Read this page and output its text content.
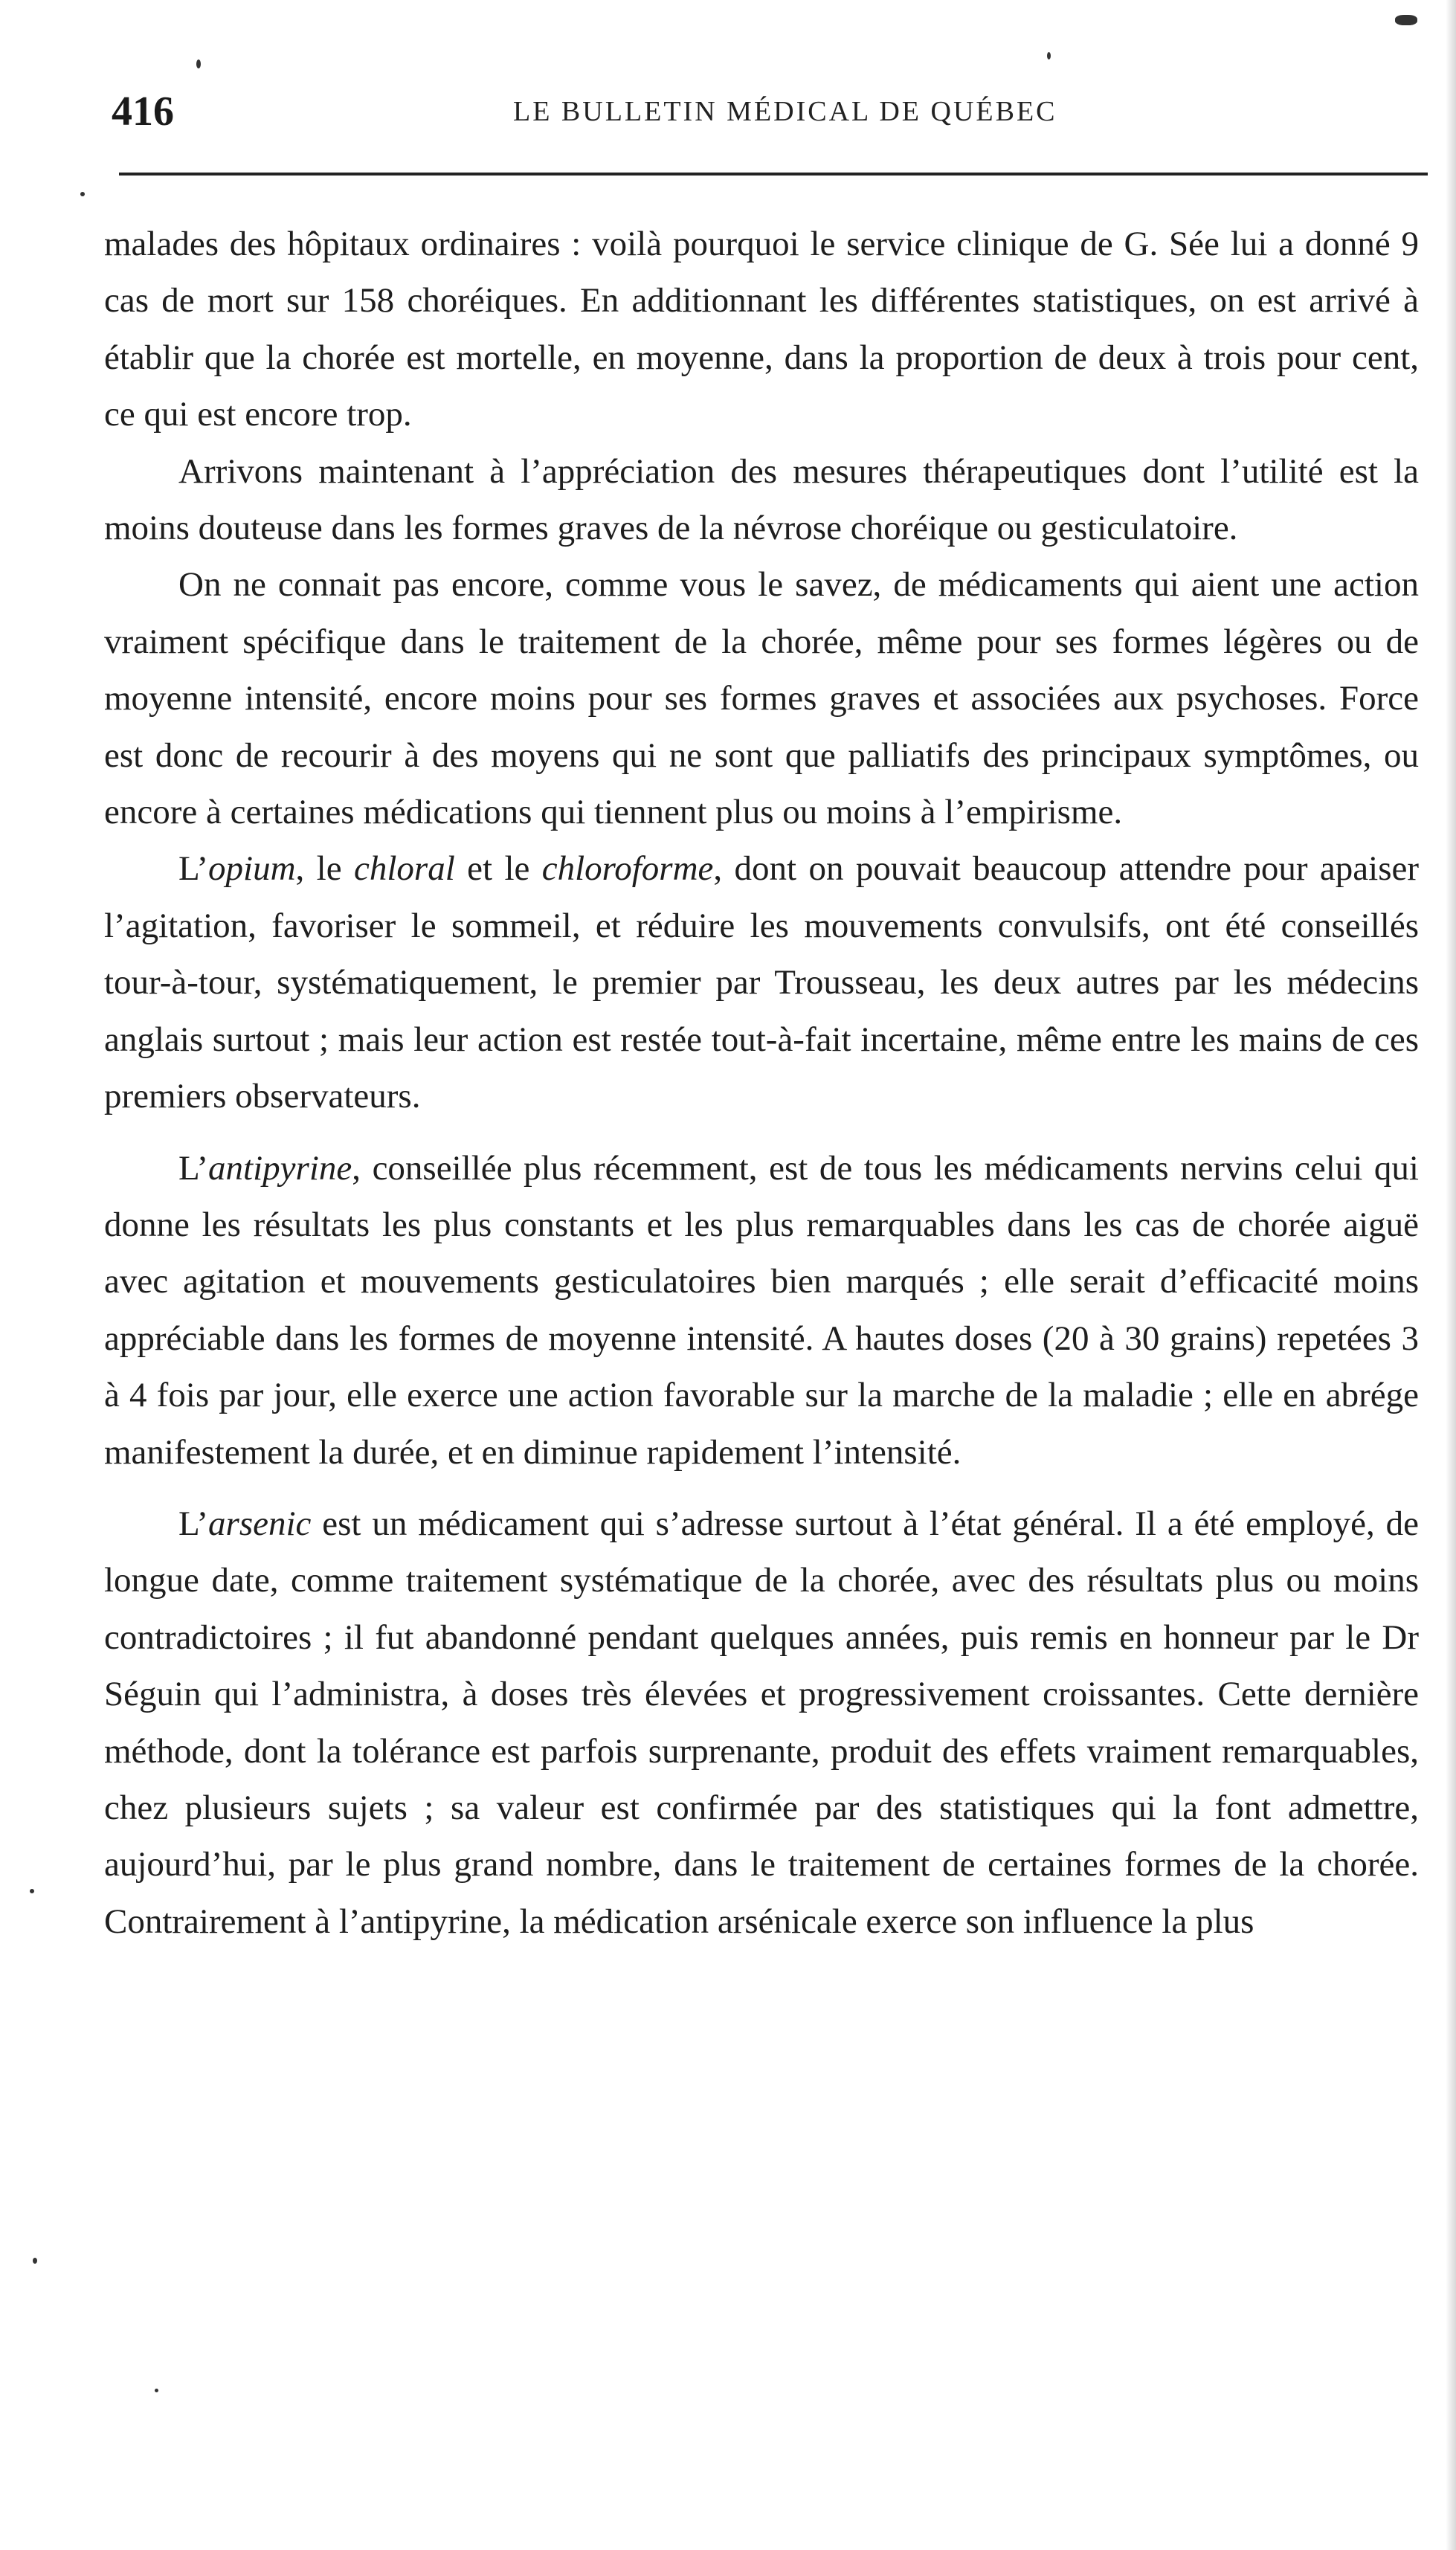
416	LE BULLETIN MÉDICAL DE QUÉBEC

malades des hôpitaux ordinaires : voilà pourquoi le service clinique de G. Sée lui a donné 9 cas de mort sur 158 choréiques. En additionnant les différentes statistiques, on est arrivé à établir que la chorée est mortelle, en moyenne, dans la proportion de deux à trois pour cent, ce qui est encore trop.

Arrivons maintenant à l’appréciation des mesures thérapeutiques dont l’utilité est la moins douteuse dans les formes graves de la névrose choréique ou gesticulatoire.

On ne connait pas encore, comme vous le savez, de médicaments qui aient une action vraiment spécifique dans le traitement de la chorée, même pour ses formes légères ou de moyenne intensité, encore moins pour ses formes graves et associées aux psychoses. Force est donc de recourir à des moyens qui ne sont que palliatifs des principaux symptômes, ou encore à certaines médications qui tiennent plus ou moins à l’empirisme.

L’opium, le chloral et le chloroforme, dont on pouvait beaucoup attendre pour apaiser l’agitation, favoriser le sommeil, et réduire les mouvements convulsifs, ont été conseillés tour-à-tour, systématiquement, le premier par Trousseau, les deux autres par les médecins anglais surtout ; mais leur action est restée tout-à-fait incertaine, même entre les mains de ces premiers observateurs.

L’antipyrine, conseillée plus récemment, est de tous les médicaments nervins celui qui donne les résultats les plus constants et les plus remarquables dans les cas de chorée aiguë avec agitation et mouvements gesticulatoires bien marqués ; elle serait d’efficacité moins appréciable dans les formes de moyenne intensité. A hautes doses (20 à 30 grains) repetées 3 à 4 fois par jour, elle exerce une action favorable sur la marche de la maladie ; elle en abrége manifestement la durée, et en diminue rapidement l’intensité.

L’arsenic est un médicament qui s’adresse surtout à l’état général. Il a été employé, de longue date, comme traitement systématique de la chorée, avec des résultats plus ou moins contradictoires ; il fut abandonné pendant quelques années, puis remis en honneur par le Dr Séguin qui l’administra, à doses très élevées et progressivement croissantes. Cette dernière méthode, dont la tolérance est parfois surprenante, produit des effets vraiment remarquables, chez plusieurs sujets ; sa valeur est confirmée par des statistiques qui la font admettre, aujourd’hui, par le plus grand nombre, dans le traitement de certaines formes de la chorée. Contrairement à l’antipyrine, la médication arsénicale exerce son influence la plus
